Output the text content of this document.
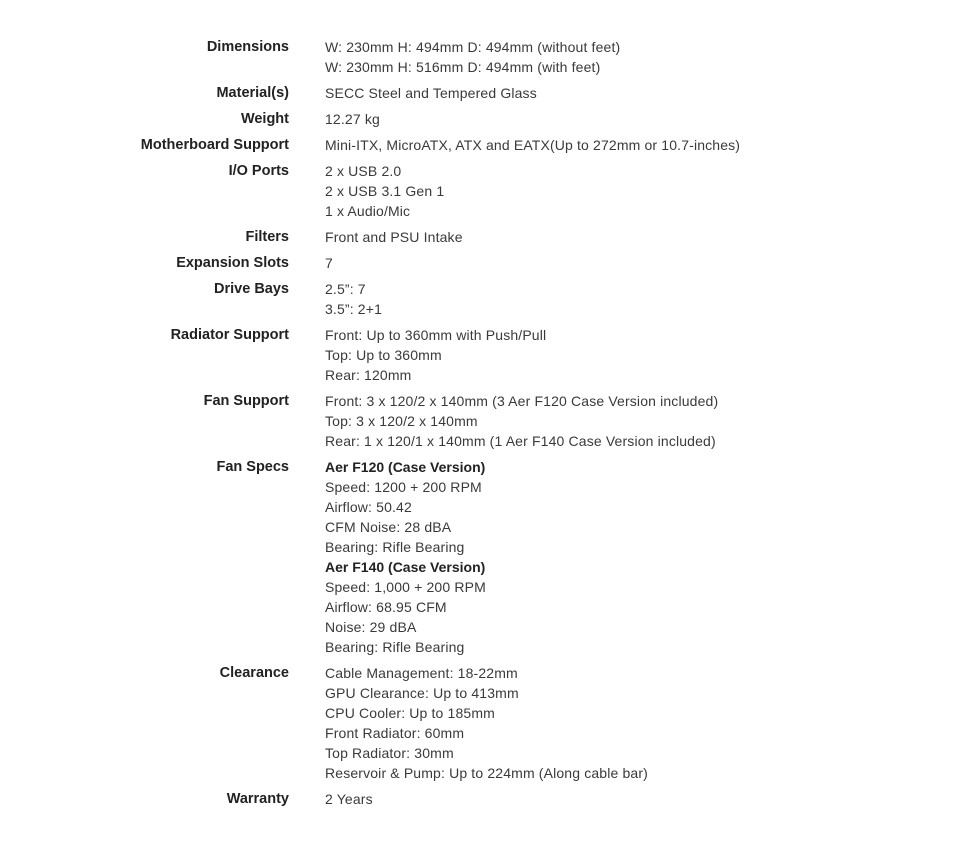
Dimensions	W: 230mm H: 494mm D: 494mm (without feet)
W: 230mm H: 516mm D: 494mm (with feet)
Material(s)	SECC Steel and Tempered Glass
Weight	12.27 kg
Motherboard Support	Mini-ITX, MicroATX, ATX and EATX(Up to 272mm or 10.7-inches)
I/O Ports	2 x USB 2.0
2 x USB 3.1 Gen 1
1 x Audio/Mic
Filters	Front and PSU Intake
Expansion Slots	7
Drive Bays	2.5”: 7
3.5”: 2+1
Radiator Support	Front: Up to 360mm with Push/Pull
Top: Up to 360mm
Rear: 120mm
Fan Support	Front: 3 x 120/2 x 140mm (3 Aer F120 Case Version included)
Top: 3 x 120/2 x 140mm
Rear: 1 x 120/1 x 140mm (1 Aer F140 Case Version included)
Fan Specs	Aer F120 (Case Version)
Speed: 1200 + 200 RPM
Airflow: 50.42
CFM Noise: 28 dBA
Bearing: Rifle Bearing
Aer F140 (Case Version)
Speed: 1,000 + 200 RPM
Airflow: 68.95 CFM
Noise: 29 dBA
Bearing: Rifle Bearing
Clearance	Cable Management: 18-22mm
GPU Clearance: Up to 413mm
CPU Cooler: Up to 185mm
Front Radiator: 60mm
Top Radiator: 30mm
Reservoir & Pump: Up to 224mm (Along cable bar)
Warranty	2 Years
